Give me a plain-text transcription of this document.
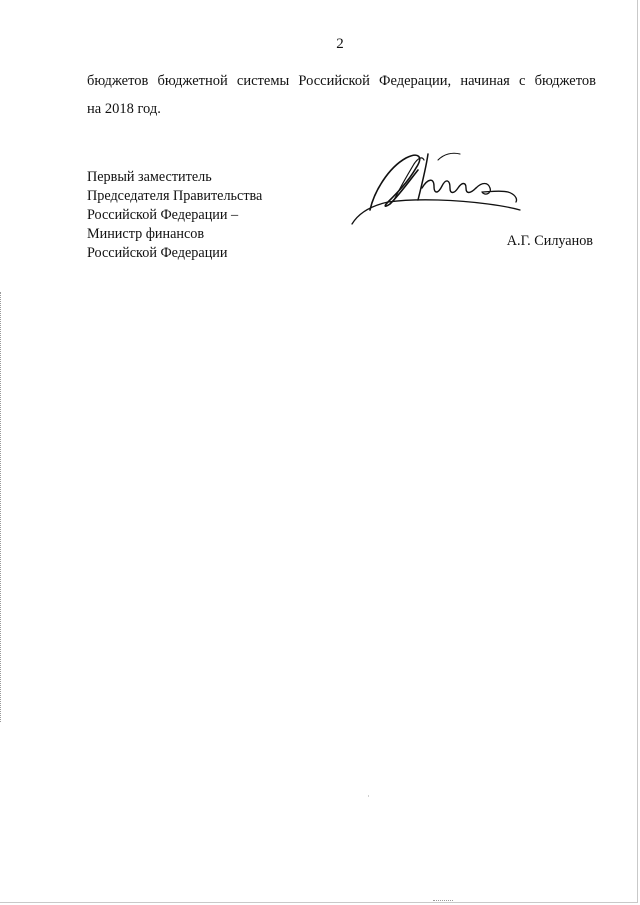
2
бюджетов бюджетной системы Российской Федерации, начиная с бюджетов
на 2018 год.
Первый заместитель
Председателя Правительства
Российской Федерации –
Министр финансов
Российской Федерации
А.Г. Силуанов
